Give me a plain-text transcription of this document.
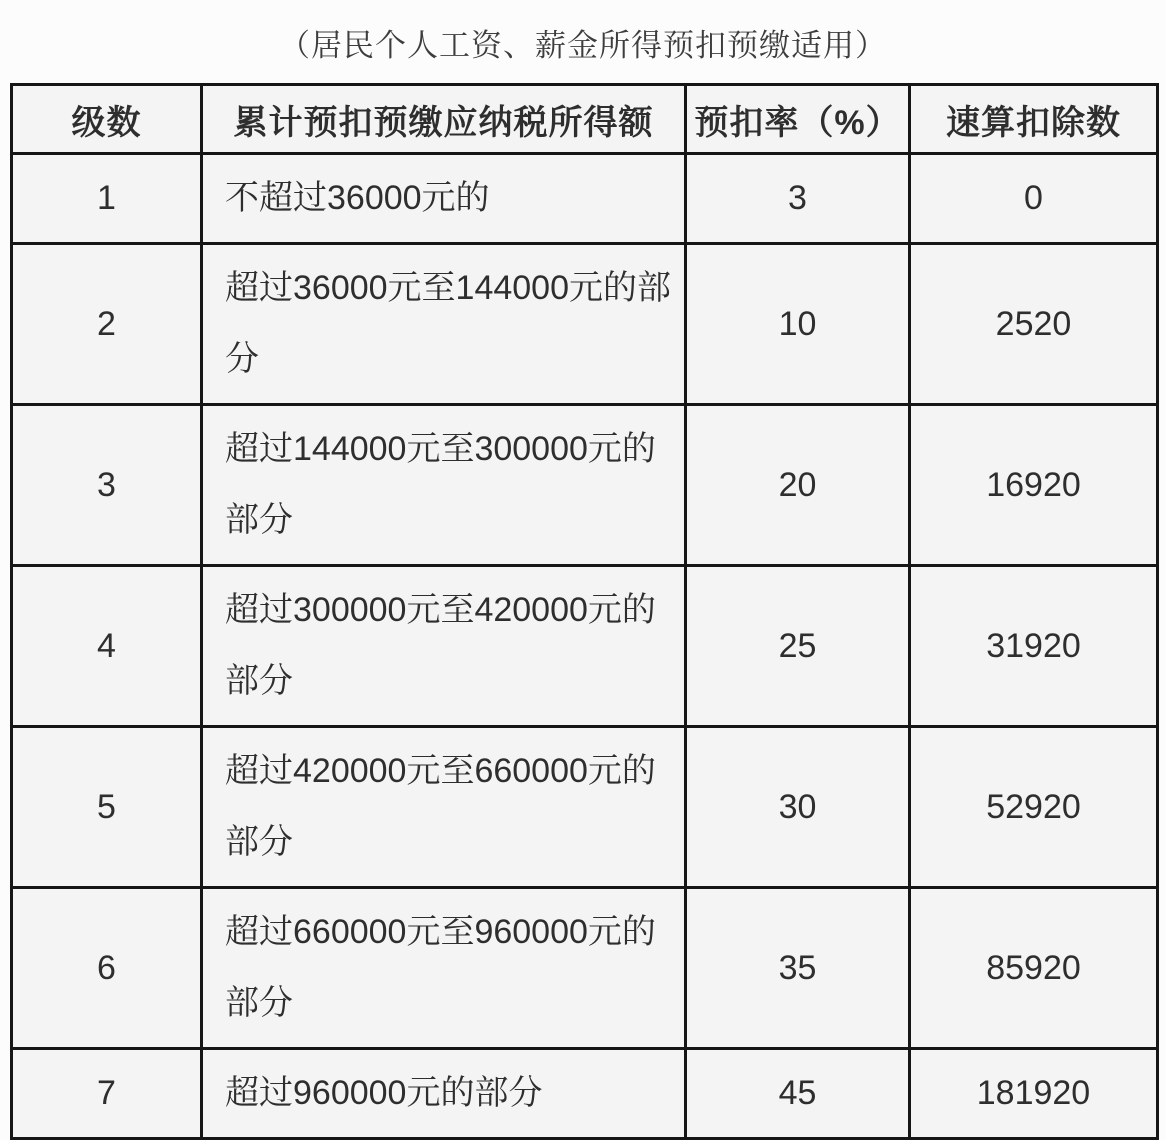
（居民个人工资、薪金所得预扣预缴适用）
级数	累计预扣预缴应纳税所得额	预扣率（%）	速算扣除数
1	不超过36000元的	3	0
2	超过36000元至144000元的部分	10	2520
3	超过144000元至300000元的部分	20	16920
4	超过300000元至420000元的部分	25	31920
5	超过420000元至660000元的部分	30	52920
6	超过660000元至960000元的部分	35	85920
7	超过960000元的部分	45	181920
